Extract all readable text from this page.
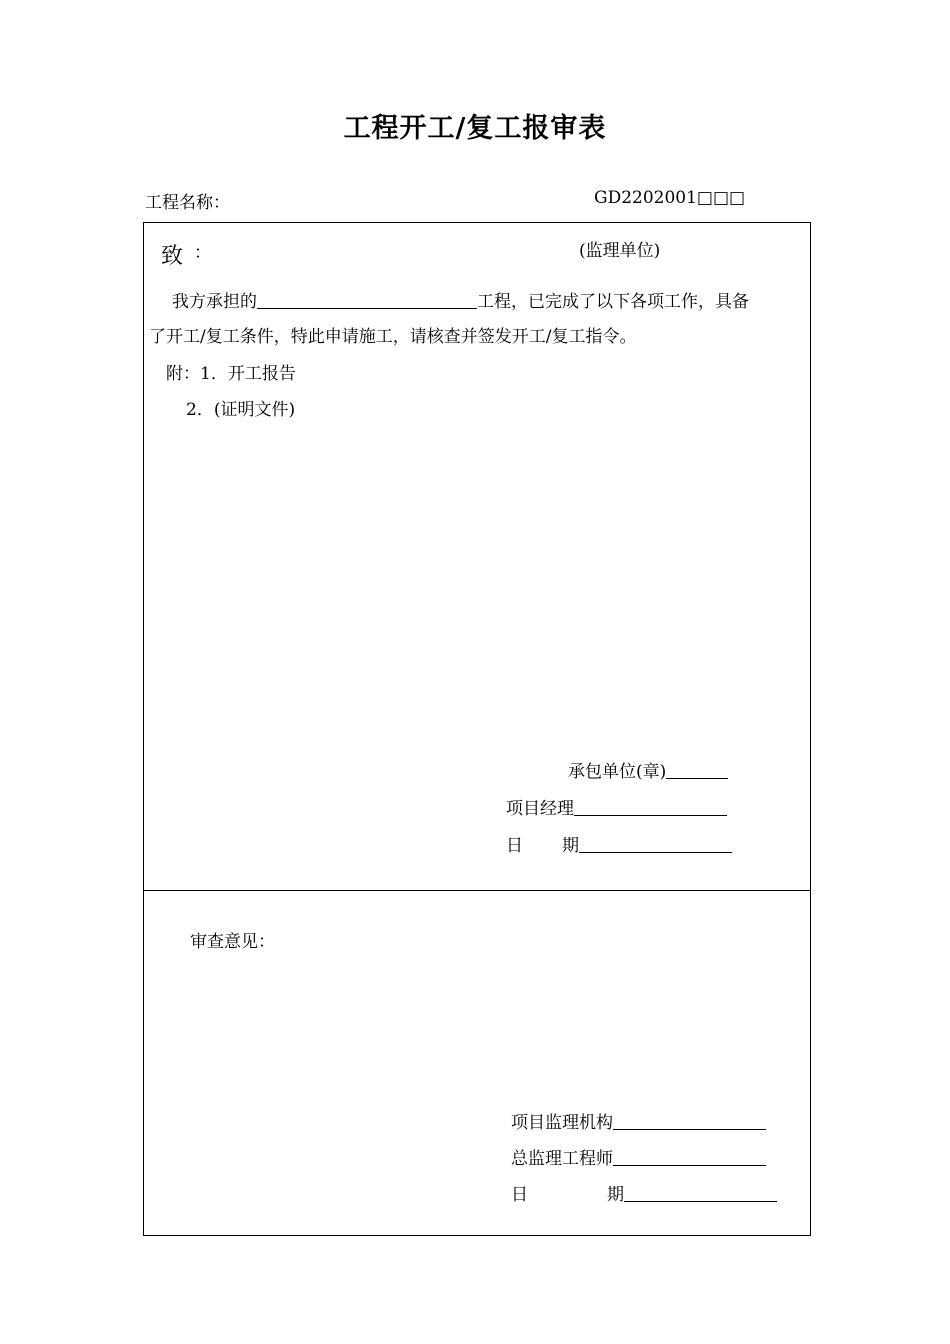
工程开工/复工报审表
工程名称：	GD2202001□□□
致 ：	(监理单位)
我方承担的	工程，已完成了以下各项工作，具备
了开工/复工条件，特此申请施工，请核查并签发开工/复工指令。
附：1．开工报告
2．(证明文件)
承包单位(章)
项目经理
日 期
审查意见：
项目监理机构
总监理工程师
日	期
